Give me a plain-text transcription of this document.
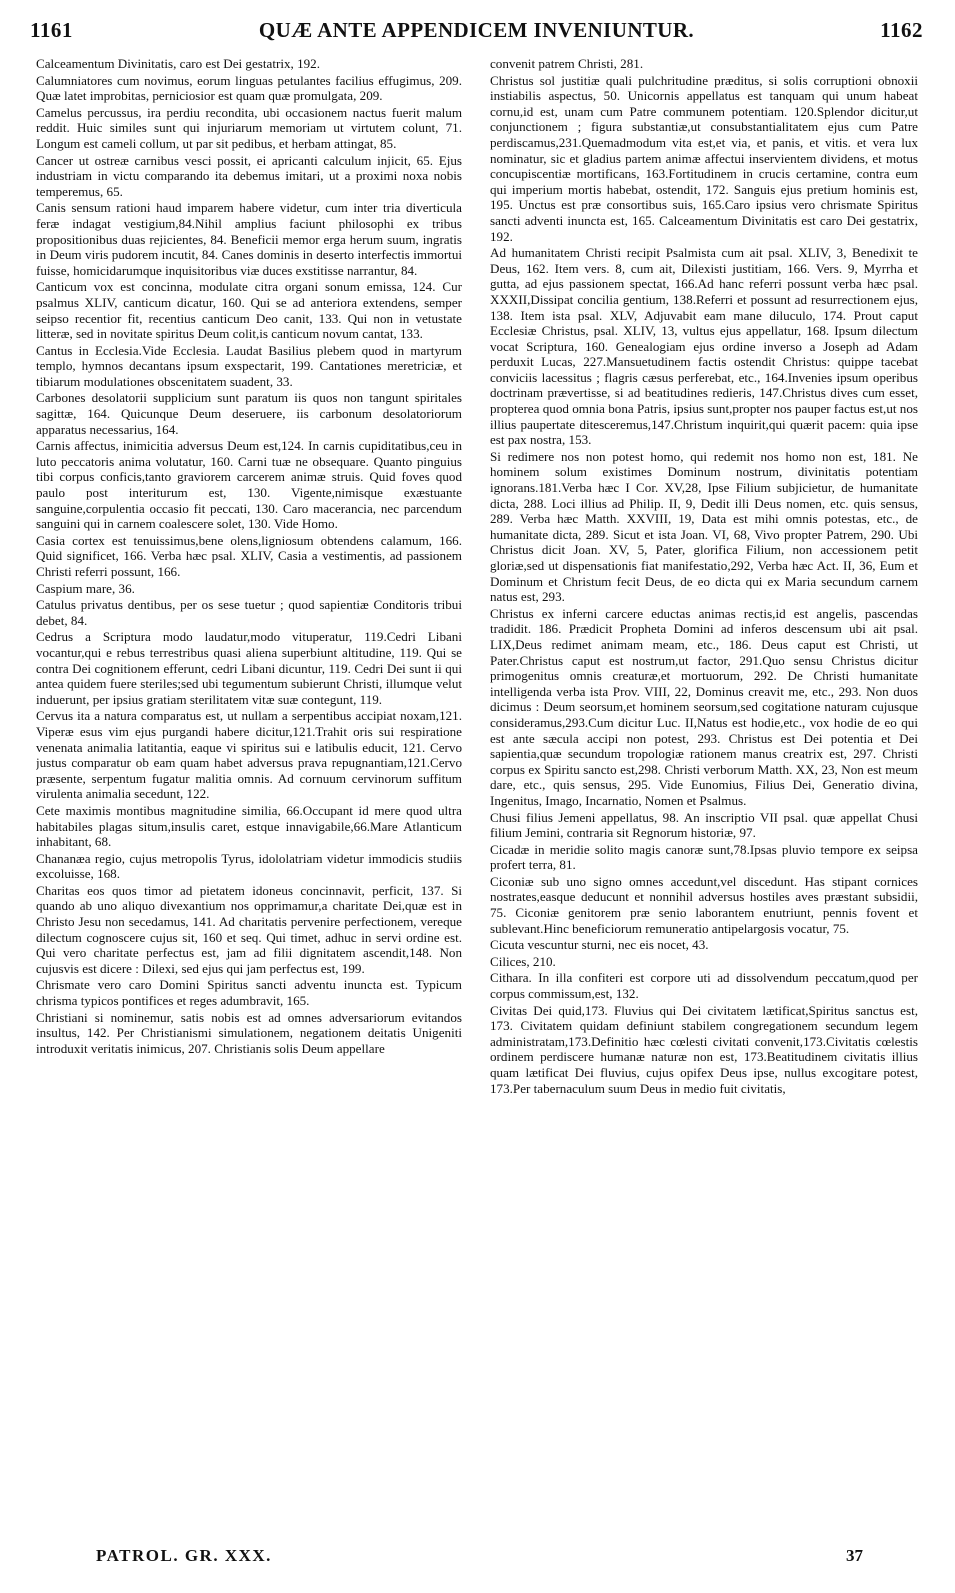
1161	QUÆ ANTE APPENDICEM INVENIUNTUR.	1162

Calceamentum Divinitatis, caro est Dei gestatrix, 192.

Calumniatores cum novimus, eorum linguas petulantes facilius effugimus, 209. Quæ latet improbitas, perniciosior est quam quæ promulgata, 209.

Camelus percussus, ira perdiu recondita, ubi occasionem nactus fuerit malum reddit. Huic similes sunt qui injuriarum memoriam ut virtutem colunt, 71. Longum est cameli collum, ut par sit pedibus, et herbam attingat, 85.

Cancer ut ostreæ carnibus vesci possit, ei apricanti calculum injicit, 65. Ejus industriam in victu comparando ita debemus imitari, ut a proximi noxa nobis temperemus, 65.

Canis sensum rationi haud imparem habere videtur, cum inter tria diverticula feræ indagat vestigium,84.Nihil amplius faciunt philosophi ex tribus propositionibus duas rejicientes, 84. Beneficii memor erga herum suum, ingratis in Deum viris pudorem incutit, 84. Canes dominis in deserto interfectis immortui fuisse, homicidarumque inquisitoribus viæ duces exstitisse narrantur, 84.

Canticum vox est concinna, modulate citra organi sonum emissa, 124. Cur psalmus XLIV, canticum dicatur, 160. Qui se ad anteriora extendens, semper seipso recentior fit, recentius canticum Deo canit, 133. Qui non in vetustate litteræ, sed in novitate spiritus Deum colit,is canticum novum cantat, 133.

Cantus in Ecclesia.Vide Ecclesia. Laudat Basilius plebem quod in martyrum templo, hymnos decantans ipsum exspectarit, 199. Cantationes meretriciæ, et tibiarum modulationes obscenitatem suadent, 33.

Carbones desolatorii supplicium sunt paratum iis quos non tangunt spiritales sagittæ, 164. Quicunque Deum deseruere, iis carbonum desolatoriorum apparatus necessarius, 164.

Carnis affectus, inimicitia adversus Deum est,124. In carnis cupiditatibus,ceu in luto peccatoris anima volutatur, 160. Carni tuæ ne obsequare. Quanto pinguius tibi corpus conficis,tanto graviorem carcerem animæ struis. Quid foves quod paulo post interiturum est, 130. Vigente,nimisque exæstuante sanguine,corpulentia occasio fit peccati, 130. Caro macerancia, nec parcendum sanguini qui in carnem coalescere solet, 130. Vide Homo.

Casia cortex est tenuissimus,bene olens,ligniosum obtendens calamum, 166. Quid significet, 166. Verba hæc psal. XLIV, Casia a vestimentis, ad passionem Christi referri possunt, 166.

Caspium mare, 36.

Catulus privatus dentibus, per os sese tuetur ; quod sapientiæ Conditoris tribui debet, 84.

Cedrus a Scriptura modo laudatur,modo vituperatur, 119.Cedri Libani vocantur,qui e rebus terrestribus quasi aliena superbiunt altitudine, 119. Qui se contra Dei cognitionem efferunt, cedri Libani dicuntur, 119. Cedri Dei sunt ii qui antea quidem fuere steriles;sed ubi tegumentum subierunt Christi, illumque velut induerunt, per ipsius gratiam sterilitatem vitæ suæ contegunt, 119.

Cervus ita a natura comparatus est, ut nullam a serpentibus accipiat noxam,121. Viperæ esus vim ejus purgandi habere dicitur,121.Trahit oris sui respiratione venenata animalia latitantia, eaque vi spiritus sui e latibulis educit, 121. Cervo justus comparatur ob eam quam habet adversus prava repugnantiam,121.Cervo præsente, serpentum fugatur malitia omnis. Ad cornuum cervinorum suffitum virulenta animalia secedunt, 122.

Cete maximis montibus magnitudine similia, 66.Occupant id mere quod ultra habitabiles plagas situm,insulis caret, estque innavigabile,66.Mare Atlanticum inhabitant, 68.

Chananæa regio, cujus metropolis Tyrus, idololatriam videtur immodicis studiis excoluisse, 168.

Charitas eos quos timor ad pietatem idoneus concinnavit, perficit, 137. Si quando ab uno aliquo divexantium nos opprimamur,a charitate Dei,quæ est in Christo Jesu non secedamus, 141. Ad charitatis pervenire perfectionem, vereque dilectum cognoscere cujus sit, 160 et seq. Qui timet, adhuc in servi ordine est. Qui vero charitate perfectus est, jam ad filii dignitatem ascendit,148. Non cujusvis est dicere : Dilexi, sed ejus qui jam perfectus est, 199.

Chrismate vero caro Domini Spiritus sancti adventu inuncta est. Typicum chrisma typicos pontifices et reges adumbravit, 165.

Christiani si nominemur, satis nobis est ad omnes adversariorum evitandos insultus, 142. Per Christianismi simulationem, negationem deitatis Unigeniti introduxit veritatis inimicus, 207. Christianis solis Deum appellare

convenit patrem Christi, 281.

Christus sol justitiæ quali pulchritudine præditus, si solis corruptioni obnoxii instiabilis aspectus, 50. Unicornis appellatus est tanquam qui unum habeat cornu,id est, unam cum Patre communem potentiam. 120.Splendor dicitur,ut conjunctionem ; figura substantiæ,ut consubstantialitatem ejus cum Patre perdiscamus,231.Quemadmodum vita est,et via, et panis, et vitis. et vera lux nominatur, sic et gladius partem animæ affectui inservientem dividens, et motus concupiscentiæ mortificans, 163.Fortitudinem in crucis certamine, contra eum qui imperium mortis habebat, ostendit, 172. Sanguis ejus pretium hominis est, 195. Unctus est præ consortibus suis, 165.Caro ipsius vero chrismate Spiritus sancti adventi inuncta est, 165. Calceamentum Divinitatis est caro Dei gestatrix, 192.

Ad humanitatem Christi recipit Psalmista cum ait psal. XLIV, 3, Benedixit te Deus, 162. Item vers. 8, cum ait, Dilexisti justitiam, 166. Vers. 9, Myrrha et gutta, ad ejus passionem spectat, 166.Ad hanc referri possunt verba hæc psal. XXXII,Dissipat concilia gentium, 138.Referri et possunt ad resurrectionem ejus, 138. Item ista psal. XLV, Adjuvabit eam mane diluculo, 174. Prout caput Ecclesiæ Christus, psal. XLIV, 13, vultus ejus appellatur, 168. Ipsum dilectum vocat Scriptura, 160. Genealogiam ejus ordine inverso a Joseph ad Adam perduxit Lucas, 227.Mansuetudinem factis ostendit Christus: quippe tacebat conviciis lacessitus ; flagris cæsus perferebat, etc., 164.Invenies ipsum operibus doctrinam prævertisse, si ad beatitudines redieris, 147.Christus dives cum esset, propterea quod omnia bona Patris, ipsius sunt,propter nos pauper factus est,ut nos illius paupertate ditesceremus,147.Christum inquirit,qui quærit pacem: quia ipse est pax nostra, 153.

Si redimere nos non potest homo, qui redemit nos homo non est, 181. Ne hominem solum existimes Dominum nostrum, divinitatis potentiam ignorans.181.Verba hæc I Cor. XV,28, Ipse Filium subjicietur, de humanitate dicta, 288. Loci illius ad Philip. II, 9, Dedit illi Deus nomen, etc. quis sensus, 289. Verba hæc Matth. XXVIII, 19, Data est mihi omnis potestas, etc., de humanitate dicta, 289. Sicut et ista Joan. VI, 68, Vivo propter Patrem, 290. Ubi Christus dicit Joan. XV, 5, Pater, glorifica Filium, non accessionem petit gloriæ,sed ut dispensationis fiat manifestatio,292, Verba hæc Act. II, 36, Eum et Dominum et Christum fecit Deus, de eo dicta qui ex Maria secundum carnem natus est, 293.

Christus ex inferni carcere eductas animas rectis,id est angelis, pascendas tradidit. 186. Prædicit Propheta Domini ad inferos descensum ubi ait psal. LIX,Deus redimet animam meam, etc., 186. Deus caput est Christi, ut Pater.Christus caput est nostrum,ut factor, 291.Quo sensu Christus dicitur primogenitus omnis creaturæ,et mortuorum, 292. De Christi humanitate intelligenda verba ista Prov. VIII, 22, Dominus creavit me, etc., 293. Non duos dicimus : Deum seorsum,et hominem seorsum,sed cogitatione naturam cujusque consideramus,293.Cum dicitur Luc. II,Natus est hodie,etc., vox hodie de eo qui est ante sæcula accipi non potest, 293. Christus est Dei potentia et Dei sapientia,quæ secundum tropologiæ rationem manus creatrix est, 297. Christi corpus ex Spiritu sancto est,298. Christi verborum Matth. XX, 23, Non est meum dare, etc., quis sensus, 295. Vide Eunomius, Filius Dei, Generatio divina, Ingenitus, Imago, Incarnatio, Nomen et Psalmus.

Chusi filius Jemeni appellatus, 98. An inscriptio VII psal. quæ appellat Chusi filium Jemini, contraria sit Regnorum historiæ, 97.

Cicadæ in meridie solito magis canoræ sunt,78.Ipsas pluvio tempore ex seipsa profert terra, 81.

Ciconiæ sub uno signo omnes accedunt,vel discedunt. Has stipant cornices nostrates,easque deducunt et nonnihil adversus hostiles aves præstant subsidii, 75. Ciconiæ genitorem præ senio laborantem enutriunt, pennis fovent et sublevant.Hinc beneficiorum remuneratio antipelargosis vocatur, 75.

Cicuta vescuntur sturni, nec eis nocet, 43.

Cilices, 210.

Cithara. In illa confiteri est corpore uti ad dissolvendum peccatum,quod per corpus commissum,est, 132.

Civitas Dei quid,173. Fluvius qui Dei civitatem lætificat,Spiritus sanctus est, 173. Civitatem quidam definiunt stabilem congregationem secundum legem administratam,173.Definitio hæc cœlesti civitati convenit,173.Civitatis cœlestis ordinem perdiscere humanæ naturæ non est, 173.Beatitudinem civitatis illius quam lætificat Dei fluvius, cujus opifex Deus ipse, nullus excogitare potest, 173.Per tabernaculum suum Deus in medio fuit civitatis,

PATROL. GR. XXX.	37
